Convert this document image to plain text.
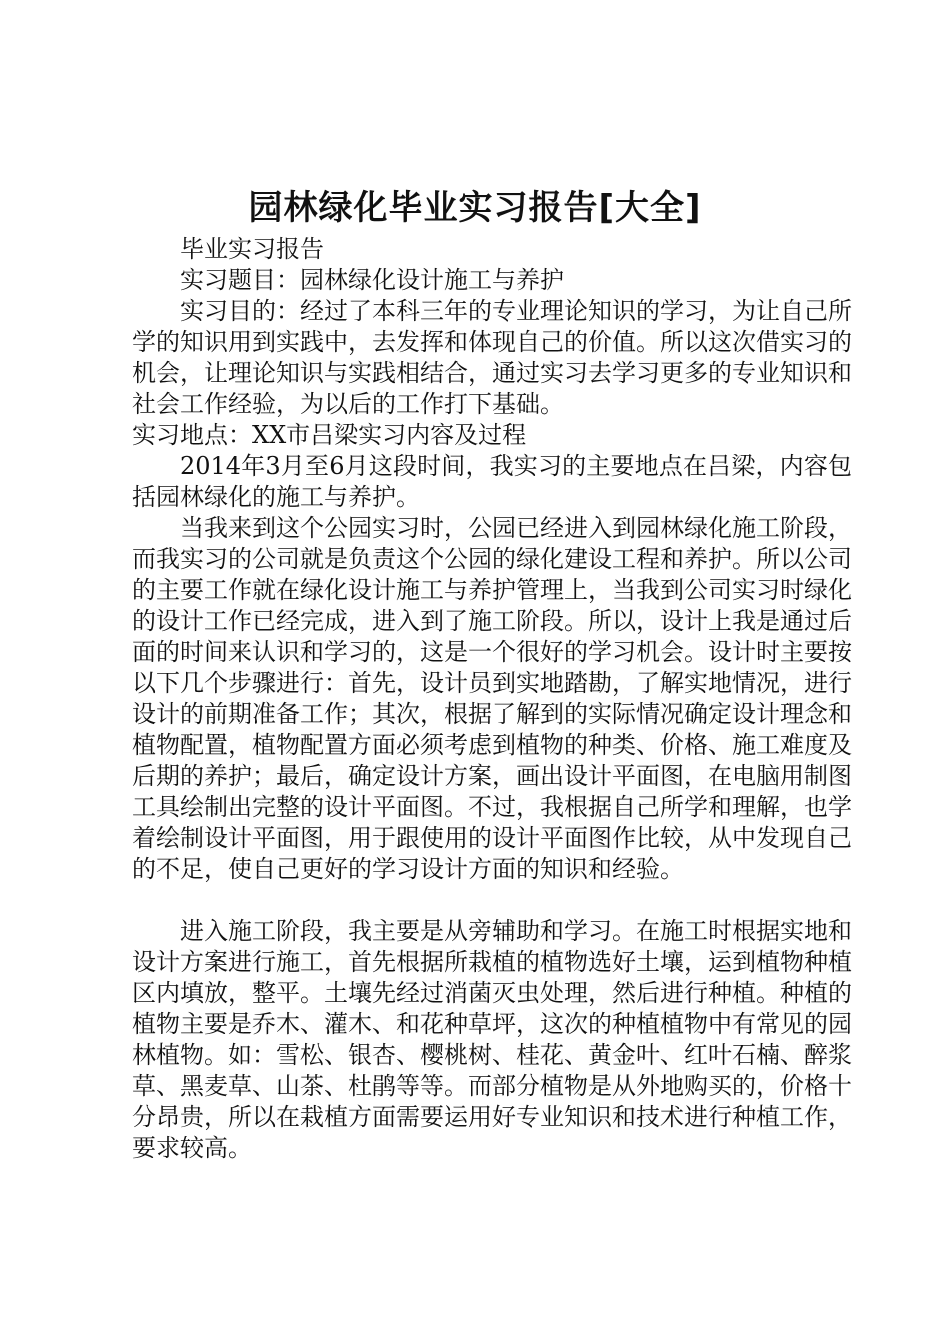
园林绿化毕业实习报告[大全]

毕业实习报告

实习题目：园林绿化设计施工与养护

实习目的：经过了本科三年的专业理论知识的学习，为让自己所学的知识用到实践中，去发挥和体现自己的价值。所以这次借实习的机会，让理论知识与实践相结合，通过实习去学习更多的专业知识和社会工作经验，为以后的工作打下基础。

实习地点：XX市吕梁实习内容及过程

2014年3月至6月这段时间，我实习的主要地点在吕梁，内容包括园林绿化的施工与养护。

当我来到这个公园实习时，公园已经进入到园林绿化施工阶段，而我实习的公司就是负责这个公园的绿化建设工程和养护。所以公司的主要工作就在绿化设计施工与养护管理上，当我到公司实习时绿化的设计工作已经完成，进入到了施工阶段。所以，设计上我是通过后面的时间来认识和学习的，这是一个很好的学习机会。设计时主要按以下几个步骤进行：首先，设计员到实地踏勘，了解实地情况，进行设计的前期准备工作；其次，根据了解到的实际情况确定设计理念和植物配置，植物配置方面必须考虑到植物的种类、价格、施工难度及后期的养护；最后，确定设计方案，画出设计平面图，在电脑用制图工具绘制出完整的设计平面图。不过，我根据自己所学和理解，也学着绘制设计平面图，用于跟使用的设计平面图作比较，从中发现自己的不足，使自己更好的学习设计方面的知识和经验。

进入施工阶段，我主要是从旁辅助和学习。在施工时根据实地和设计方案进行施工，首先根据所栽植的植物选好土壤，运到植物种植区内填放，整平。土壤先经过消菌灭虫处理，然后进行种植。种植的植物主要是乔木、灌木、和花种草坪，这次的种植植物中有常见的园林植物。如：雪松、银杏、樱桃树、桂花、黄金叶、红叶石楠、醉浆草、黑麦草、山茶、杜鹃等等。而部分植物是从外地购买的，价格十分昂贵，所以在栽植方面需要运用好专业知识和技术进行种植工作，要求较高。
